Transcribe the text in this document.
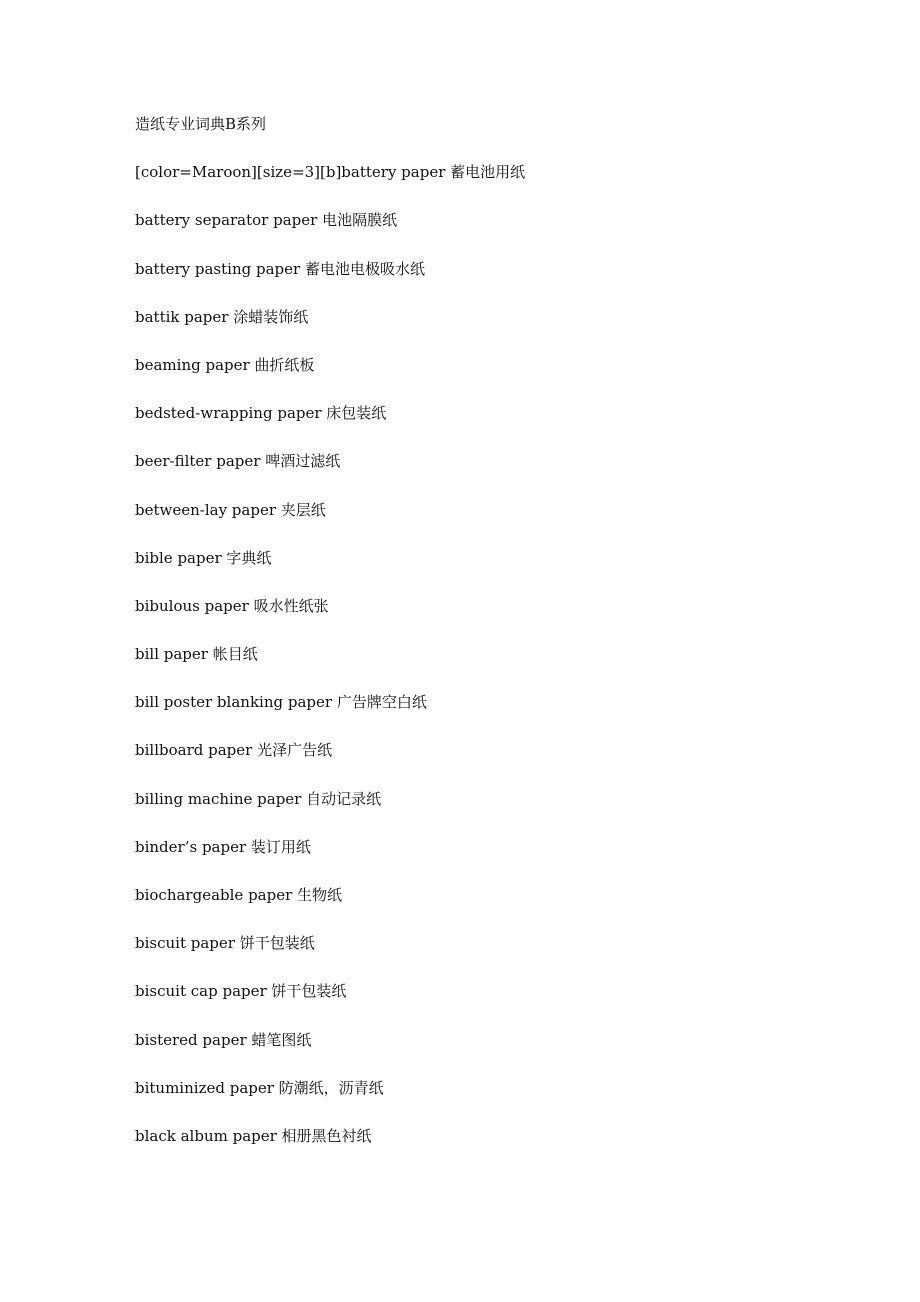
造纸专业词典B系列
[color=Maroon][size=3][b]battery paper 蓄电池用纸
battery separator paper 电池隔膜纸
battery pasting paper 蓄电池电极吸水纸
battik paper 涂蜡装饰纸
beaming paper 曲折纸板
bedsted-wrapping paper 床包装纸
beer-filter paper 啤酒过滤纸
between-lay paper 夹层纸
bible paper 字典纸
bibulous paper 吸水性纸张
bill paper 帐目纸
bill poster blanking paper 广告牌空白纸
billboard paper 光泽广告纸
billing machine paper 自动记录纸
binder’s paper 装订用纸
biochargeable paper 生物纸
biscuit paper 饼干包装纸
biscuit cap paper 饼干包装纸
bistered paper 蜡笔图纸
bituminized paper 防潮纸，沥青纸
black album paper 相册黑色衬纸
